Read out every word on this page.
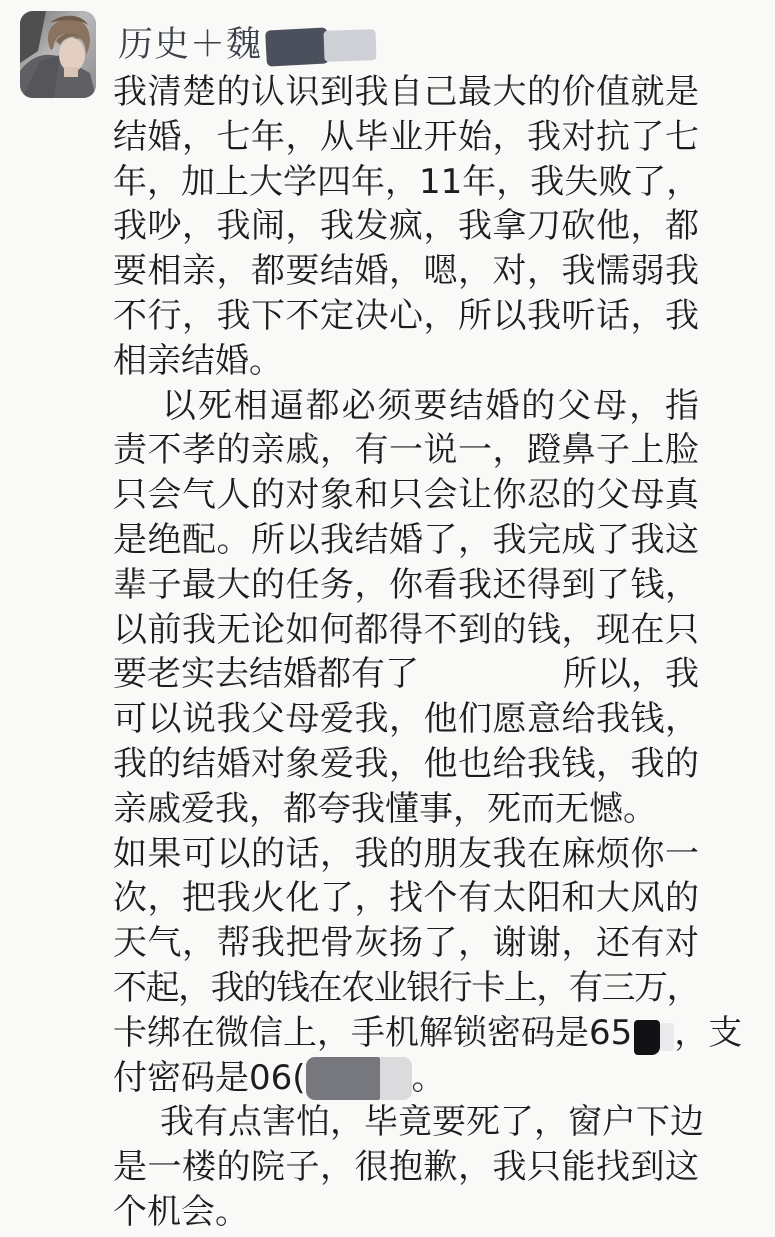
历史＋魏
我清楚的认识到我自己最大的价值就是
结婚，七年，从毕业开始，我对抗了七
年，加上大学四年，11年，我失败了，
我吵，我闹，我发疯，我拿刀砍他，都
要相亲，都要结婚，嗯，对，我懦弱我
不行，我下不定决心，所以我听话，我
相亲结婚。
以死相逼都必须要结婚的父母，指
责不孝的亲戚，有一说一，蹬鼻子上脸
只会气人的对象和只会让你忍的父母真
是绝配。所以我结婚了，我完成了我这
辈子最大的任务，你看我还得到了钱，
以前我无论如何都得不到的钱，现在只
要老实去结婚都有了	所以，我
可以说我父母爱我，他们愿意给我钱，
我的结婚对象爱我，他也给我钱，我的
亲戚爱我，都夸我懂事，死而无憾。
如果可以的话，我的朋友我在麻烦你一
次，把我火化了，找个有太阳和大风的
天气，帮我把骨灰扬了，谢谢，还有对
不起，我的钱在农业银行卡上，有三万，
卡绑在微信上，手机解锁密码是65 ，支
付密码是06(	。
我有点害怕，毕竟要死了，窗户下边
是一楼的院子，很抱歉，我只能找到这
个机会。
